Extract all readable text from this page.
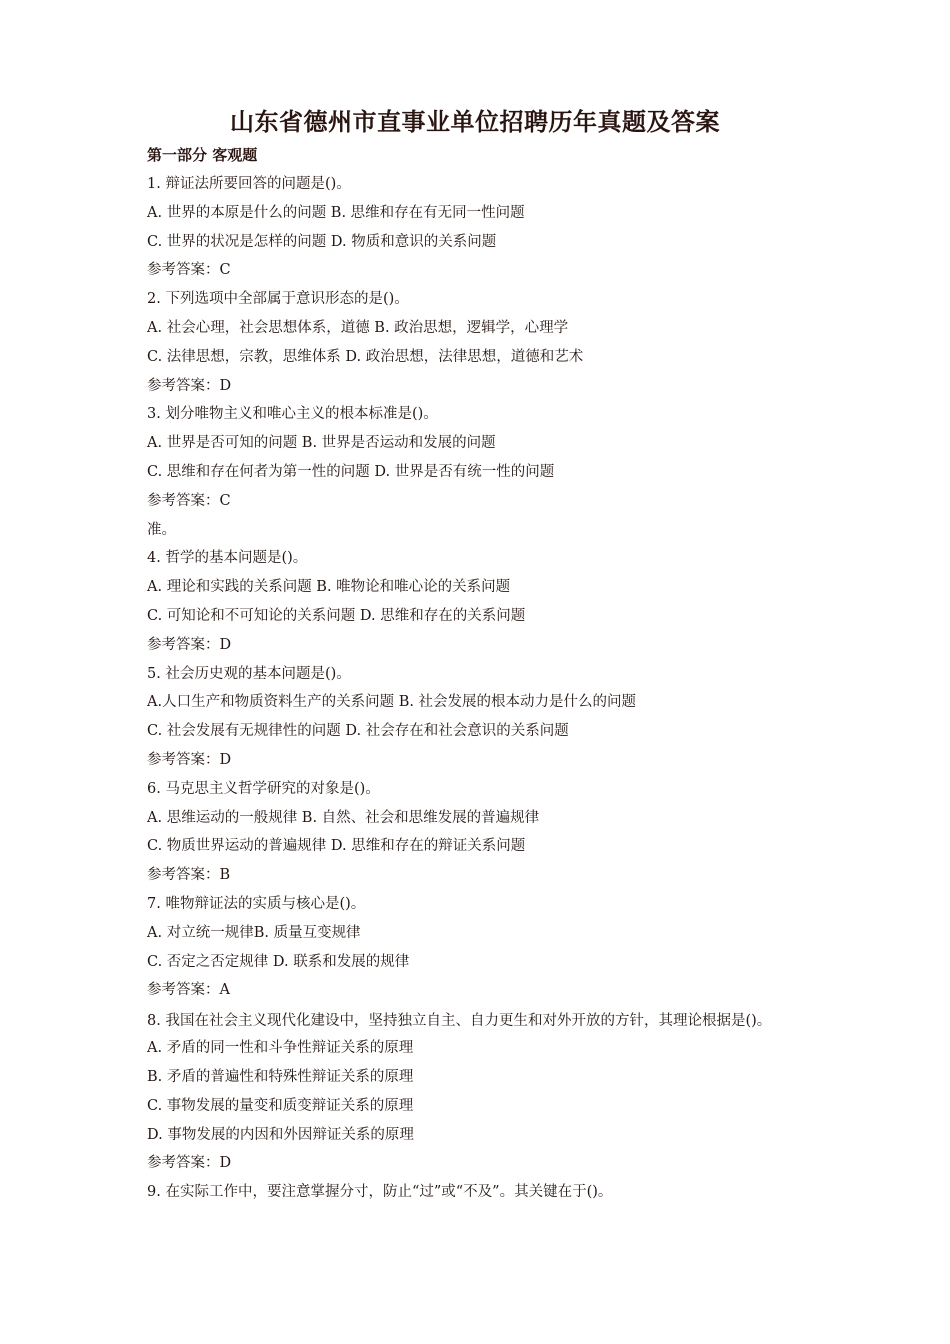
山东省德州市直事业单位招聘历年真题及答案
第一部分 客观题
1. 辩证法所要回答的问题是()。
A. 世界的本原是什么的问题 B. 思维和存在有无同一性问题
C. 世界的状况是怎样的问题 D. 物质和意识的关系问题
参考答案：C
2. 下列选项中全部属于意识形态的是()。
A. 社会心理，社会思想体系，道德 B. 政治思想，逻辑学，心理学
C. 法律思想，宗教，思维体系 D. 政治思想，法律思想，道德和艺术
参考答案：D
3. 划分唯物主义和唯心主义的根本标准是()。
A. 世界是否可知的问题 B. 世界是否运动和发展的问题
C. 思维和存在何者为第一性的问题 D. 世界是否有统一性的问题
参考答案：C
准。
4. 哲学的基本问题是()。
A. 理论和实践的关系问题 B. 唯物论和唯心论的关系问题
C. 可知论和不可知论的关系问题 D. 思维和存在的关系问题
参考答案：D
5. 社会历史观的基本问题是()。
A.人口生产和物质资料生产的关系问题 B. 社会发展的根本动力是什么的问题
C. 社会发展有无规律性的问题 D. 社会存在和社会意识的关系问题
参考答案：D
6. 马克思主义哲学研究的对象是()。
A. 思维运动的一般规律 B. 自然、社会和思维发展的普遍规律
C. 物质世界运动的普遍规律 D. 思维和存在的辩证关系问题
参考答案：B
7. 唯物辩证法的实质与核心是()。
A. 对立统一规律B. 质量互变规律
C. 否定之否定规律 D. 联系和发展的规律
参考答案：A
8. 我国在社会主义现代化建设中，坚持独立自主、自力更生和对外开放的方针，其理论根据是()。
A. 矛盾的同一性和斗争性辩证关系的原理
B. 矛盾的普遍性和特殊性辩证关系的原理
C. 事物发展的量变和质变辩证关系的原理
D. 事物发展的内因和外因辩证关系的原理
参考答案：D
9. 在实际工作中，要注意掌握分寸，防止“过”或“不及”。其关键在于()。
